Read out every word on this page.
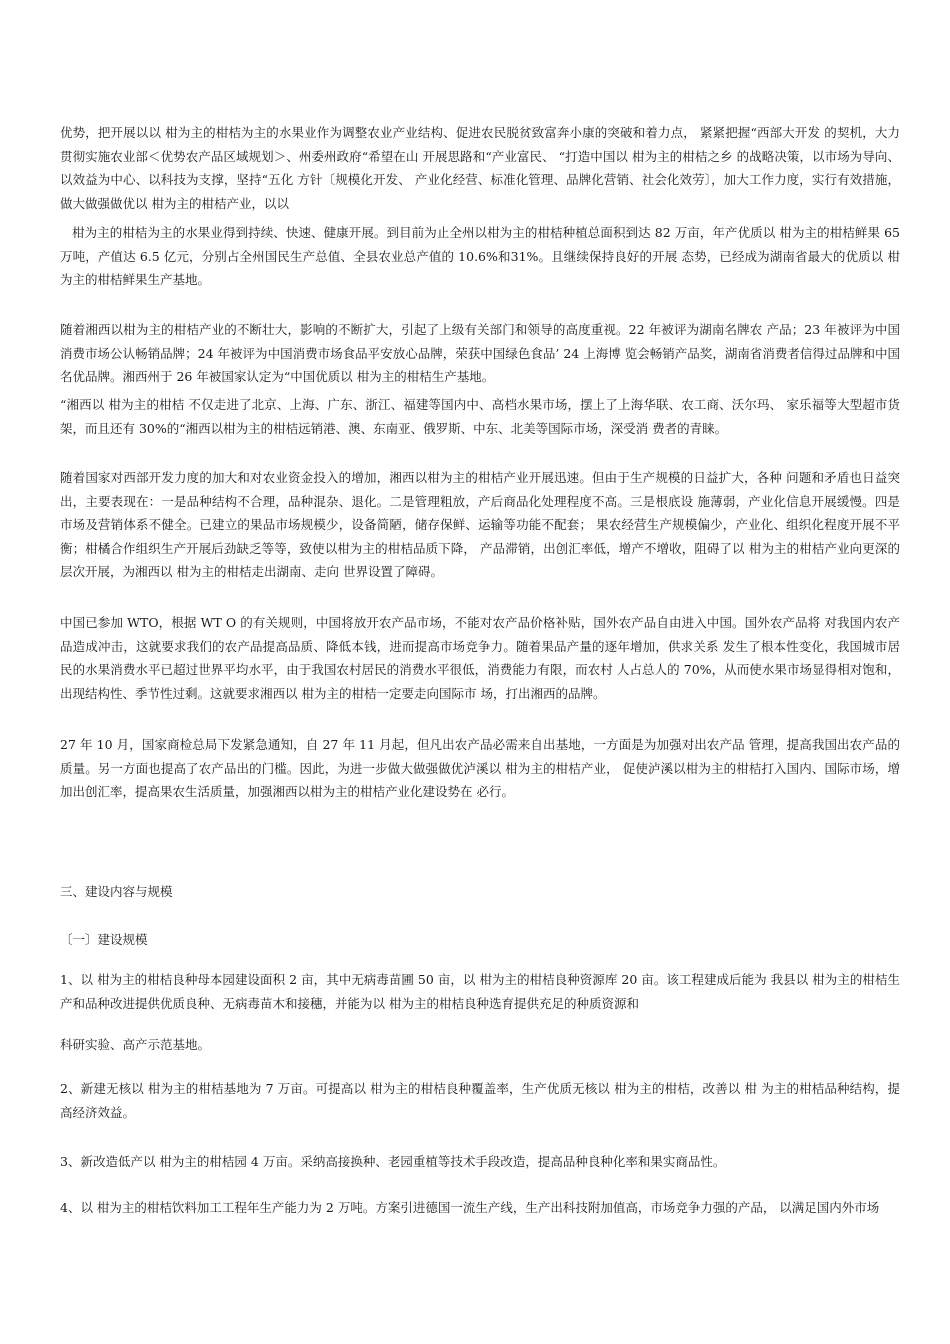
优势，把开展以以 柑为主的柑桔为主的水果业作为调整农业产业结构、促进农民脱贫致富奔小康的突破和着力点， 紧紧把握“西部大开发 的契机，大力贯彻实施农业部＜优势农产品区域规划＞、州委州政府“希望在山 开展思路和“产业富民、 “打造中国以 柑为主的柑桔之乡 的战略决策，以市场为导向、以效益为中心、以科技为支撑，坚持“五化 方针〔规模化开发、 产业化经营、标准化管理、品牌化营销、社会化效劳〕，加大工作力度，实行有效措施，做大做强做优以 柑为主的柑桔产业，以以

柑为主的柑桔为主的水果业得到持续、快速、健康开展。到目前为止全州以柑为主的柑桔种植总面积到达 82 万亩，年产优质以 柑为主的柑桔鲜果 65 万吨，产值达 6.5 亿元，分别占全州国民生产总值、全县农业总产值的 10.6%和31%。且继续保持良好的开展 态势，已经成为湖南省最大的优质以 柑为主的柑桔鲜果生产基地。

随着湘西以柑为主的柑桔产业的不断壮大，影响的不断扩大，引起了上级有关部门和领导的高度重视。22 年被评为湖南名牌农 产品；23 年被评为中国消费市场公认畅销品牌；24 年被评为中国消费市场食品平安放心品牌，荣获中国绿色食品’ 24 上海博 览会畅销产品奖，湖南省消费者信得过品牌和中国名优品牌。湘西州于 26 年被国家认定为“中国优质以 柑为主的柑桔生产基地。

“湘西以 柑为主的柑桔 不仅走进了北京、上海、广东、浙江、福建等国内中、高档水果市场，摆上了上海华联、农工商、沃尔玛、 家乐福等大型超市货架，而且还有 30%的“湘西以柑为主的柑桔远销港、澳、东南亚、俄罗斯、中东、北美等国际市场，深受消 费者的青睐。

随着国家对西部开发力度的加大和对农业资金投入的增加，湘西以柑为主的柑桔产业开展迅速。但由于生产规模的日益扩大，各种 问题和矛盾也日益突出，主要表现在：一是品种结构不合理，品种混杂、退化。二是管理粗放，产后商品化处理程度不高。三是根底设 施薄弱，产业化信息开展缓慢。四是市场及营销体系不健全。已建立的果品市场规模少，设备简陋，储存保鲜、运输等功能不配套； 果农经营生产规模偏少，产业化、组织化程度开展不平衡；柑橘合作组织生产开展后劲缺乏等等，致使以柑为主的柑桔品质下降， 产品滞销，出创汇率低，增产不增收，阻碍了以 柑为主的柑桔产业向更深的层次开展，为湘西以 柑为主的柑桔走出湖南、走向 世界设置了障碍。

中国已参加 WTO，根据 WT O 的有关规则，中国将放开农产品市场，不能对农产品价格补贴，国外农产品自由进入中国。国外农产品将 对我国内农产品造成冲击，这就要求我们的农产品提高品质、降低本钱，进而提高市场竞争力。随着果品产量的逐年增加，供求关系 发生了根本性变化，我国城市居民的水果消费水平已超过世界平均水平，由于我国农村居民的消费水平很低，消费能力有限，而农村 人占总人的 70%，从而使水果市场显得相对饱和，出现结构性、季节性过剩。这就要求湘西以 柑为主的柑桔一定要走向国际市 场，打出湘西的品牌。

27 年 10 月，国家商检总局下发紧急通知，自 27 年 11 月起，但凡出农产品必需来自出基地，一方面是为加强对出农产品 管理，提高我国出农产品的质量。另一方面也提高了农产品出的门槛。因此，为进一步做大做强做优泸溪以 柑为主的柑桔产业， 促使泸溪以柑为主的柑桔打入国内、国际市场，增加出创汇率，提高果农生活质量，加强湘西以柑为主的柑桔产业化建设势在 必行。

三、建设内容与规模

〔一〕建设规模

1、以 柑为主的柑桔良种母本园建设面积 2 亩，其中无病毒苗圃 50 亩，以 柑为主的柑桔良种资源库 20 亩。该工程建成后能为 我县以 柑为主的柑桔生产和品种改进提供优质良种、无病毒苗木和接穗，并能为以 柑为主的柑桔良种选育提供充足的种质资源和

科研实验、高产示范基地。

2、新建无核以 柑为主的柑桔基地为 7 万亩。可提高以 柑为主的柑桔良种覆盖率，生产优质无核以 柑为主的柑桔，改善以 柑 为主的柑桔品种结构，提高经济效益。

3、新改造低产以 柑为主的柑桔园 4 万亩。采纳高接换种、老园重植等技术手段改造，提高品种良种化率和果实商品性。

4、以 柑为主的柑桔饮料加工工程年生产能力为 2 万吨。方案引进德国一流生产线，生产出科技附加值高，市场竞争力强的产品， 以满足国内外市场
